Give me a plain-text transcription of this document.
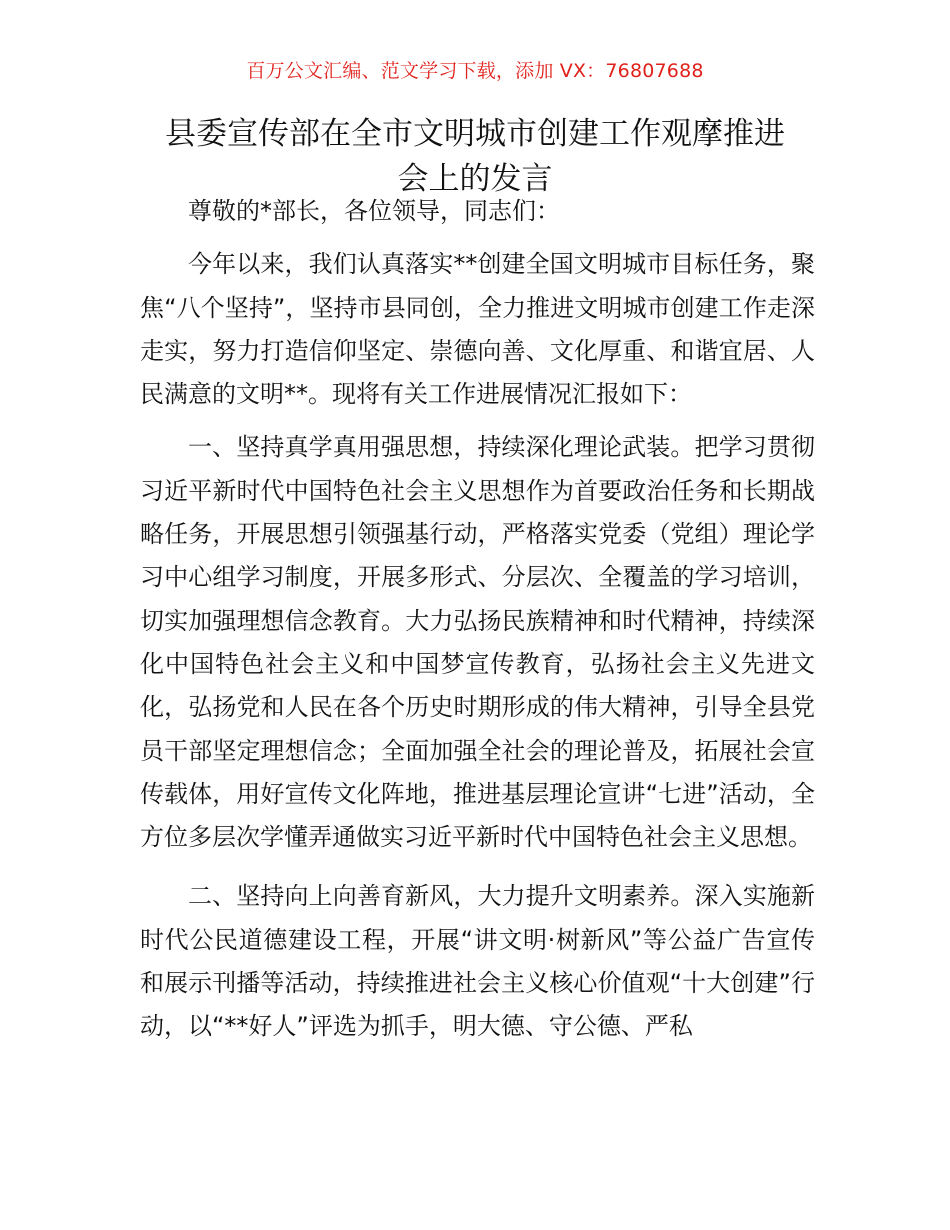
百万公文汇编、范文学习下载，添加 VX：76807688
县委宣传部在全市文明城市创建工作观摩推进
会上的发言

尊敬的*部长，各位领导，同志们：

今年以来，我们认真落实**创建全国文明城市目标任务，聚焦“八个坚持”，坚持市县同创，全力推进文明城市创建工作走深走实，努力打造信仰坚定、崇德向善、文化厚重、和谐宜居、人民满意的文明**。现将有关工作进展情况汇报如下：

一、坚持真学真用强思想，持续深化理论武装。把学习贯彻习近平新时代中国特色社会主义思想作为首要政治任务和长期战略任务，开展思想引领强基行动，严格落实党委（党组）理论学习中心组学习制度，开展多形式、分层次、全覆盖的学习培训，切实加强理想信念教育。大力弘扬民族精神和时代精神，持续深化中国特色社会主义和中国梦宣传教育，弘扬社会主义先进文化，弘扬党和人民在各个历史时期形成的伟大精神，引导全县党员干部坚定理想信念；全面加强全社会的理论普及，拓展社会宣传载体，用好宣传文化阵地，推进基层理论宣讲“七进”活动，全方位多层次学懂弄通做实习近平新时代中国特色社会主义思想。

二、坚持向上向善育新风，大力提升文明素养。深入实施新时代公民道德建设工程，开展“讲文明·树新风”等公益广告宣传和展示刊播等活动，持续推进社会主义核心价值观“十大创建”行动，以“**好人”评选为抓手，明大德、守公德、严私
